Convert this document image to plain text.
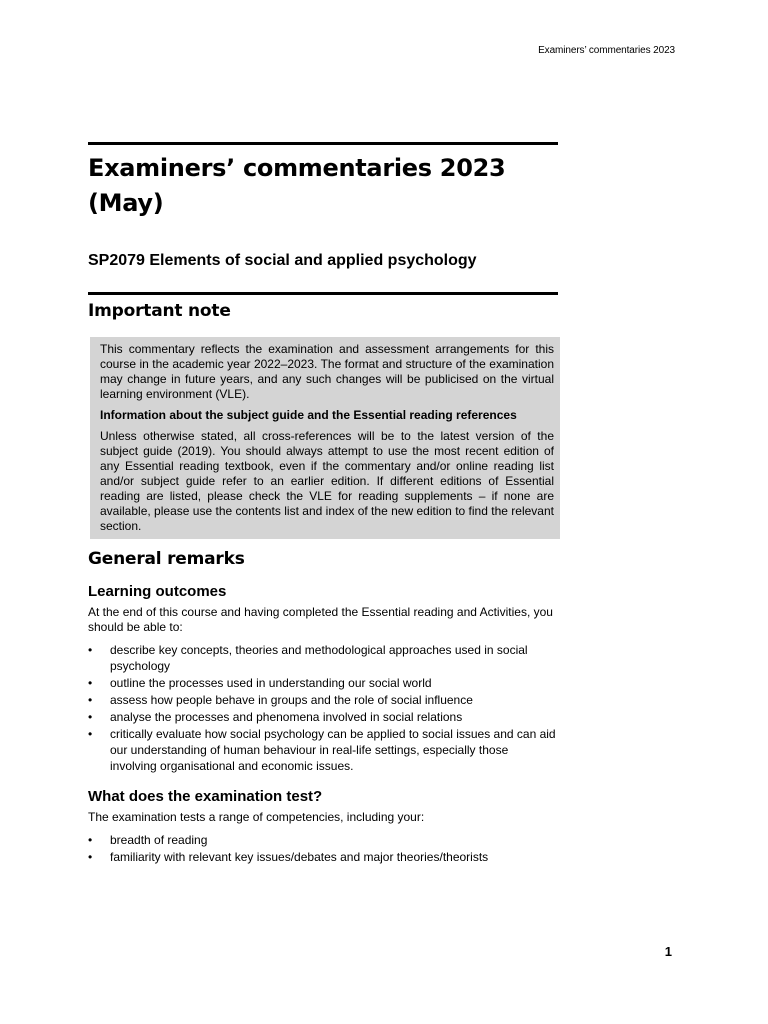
Examiners’ commentaries 2023
Examiners’ commentaries 2023 (May)
SP2079 Elements of social and applied psychology
Important note

This commentary reflects the examination and assessment arrangements for this course in the academic year 2022–2023. The format and structure of the examination may change in future years, and any such changes will be publicised on the virtual learning environment (VLE).

Information about the subject guide and the Essential reading references

Unless otherwise stated, all cross-references will be to the latest version of the subject guide (2019). You should always attempt to use the most recent edition of any Essential reading textbook, even if the commentary and/or online reading list and/or subject guide refer to an earlier edition. If different editions of Essential reading are listed, please check the VLE for reading supplements – if none are available, please use the contents list and index of the new edition to find the relevant section.

General remarks
Learning outcomes

At the end of this course and having completed the Essential reading and Activities, you should be able to:

• describe key concepts, theories and methodological approaches used in social psychology
• outline the processes used in understanding our social world
• assess how people behave in groups and the role of social influence
• analyse the processes and phenomena involved in social relations
• critically evaluate how social psychology can be applied to social issues and can aid our understanding of human behaviour in real-life settings, especially those involving organisational and economic issues.
What does the examination test?

The examination tests a range of competencies, including your:

• breadth of reading
• familiarity with relevant key issues/debates and major theories/theorists
1
